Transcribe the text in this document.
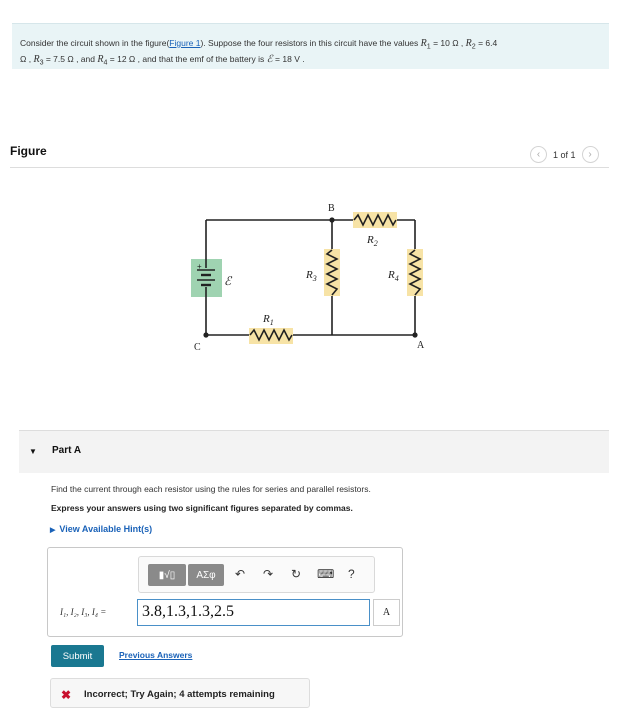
Consider the circuit shown in the figure(Figure 1). Suppose the four resistors in this circuit have the values $R_1 = 10$ Ω , $R_2 = 6.4$
Ω , $R_3 = 7.5$ Ω , and $R_4 = 12$ Ω , and that the emf of the battery is ℰ = 18 V .
Figure	‹	1 of 1	›
+
ℰ
$R_1$
$R_2$
$R_3$	$R_4$
B
C	A
▼ Part A
Find the current through each resistor using the rules for series and parallel resistors.
Express your answers using two significant figures separated by commas.
▶ View Available Hint(s)
▮√▯	ΑΣφ	↶ ↷ ↻ ⌨ ?
I₁, I₂, I₃, I₄ =	3.8,1.3,1.3,2.5	A
Submit	Previous Answers
✖ Incorrect; Try Again; 4 attempts remaining
